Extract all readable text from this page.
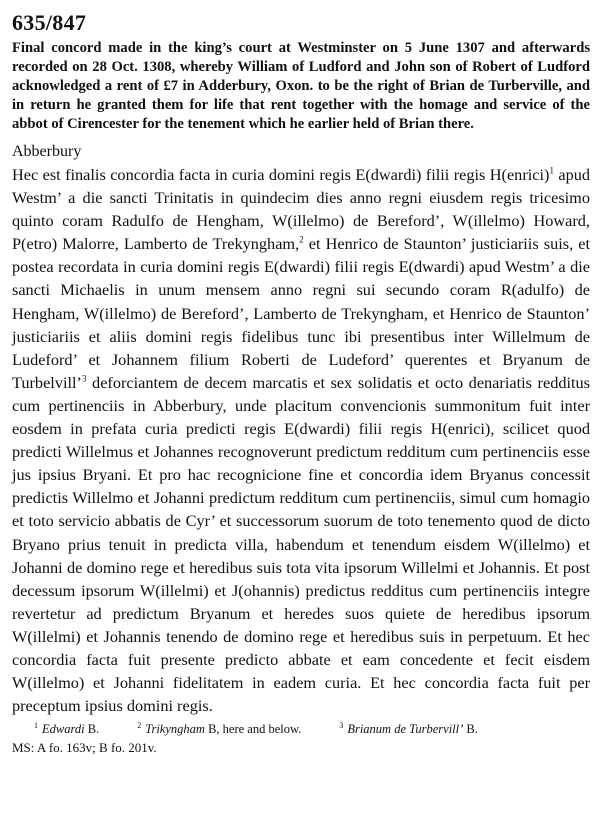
635/847

Final concord made in the king’s court at Westminster on 5 June 1307 and afterwards recorded on 28 Oct. 1308, whereby William of Ludford and John son of Robert of Ludford acknowledged a rent of £7 in Adderbury, Oxon. to be the right of Brian de Turberville, and in return he granted them for life that rent together with the homage and service of the abbot of Cirencester for the tenement which he earlier held of Brian there.

Abberbury

Hec est finalis concordia facta in curia domini regis E(dwardi) filii regis H(enrici)$^1$ apud Westm’ a die sancti Trinitatis in quindecim dies anno regni eiusdem regis tricesimo quinto coram Radulfo de Hengham, W(illelmo) de Bereford’, W(illelmo) Howard, P(etro) Malorre, Lamberto de Trekyngham,$^2$ et Henrico de Staunton’ justiciariis suis, et postea recordata in curia domini regis E(dwardi) filii regis E(dwardi) apud Westm’ a die sancti Michaelis in unum mensem anno regni sui secundo coram R(adulfo) de Hengham, W(illelmo) de Bereford’, Lamberto de Trekyngham, et Henrico de Staunton’ justiciariis et aliis domini regis fidelibus tunc ibi presentibus inter Willelmum de Ludeford’ et Johannem filium Roberti de Ludeford’ querentes et Bryanum de Turbelvill’$^3$ deforciantem de decem marcatis et sex solidatis et octo denariatis redditus cum pertinenciis in Abberbury, unde placitum convencionis summonitum fuit inter eosdem in prefata curia predicti regis E(dwardi) filii regis H(enrici), scilicet quod predicti Willelmus et Johannes recognoverunt predictum redditum cum pertinenciis esse jus ipsius Bryani. Et pro hac recognicione fine et concordia idem Bryanus concessit predictis Willelmo et Johanni predictum redditum cum pertinenciis, simul cum homagio et toto servicio abbatis de Cyr’ et successorum suorum de toto tenemento quod de dicto Bryano prius tenuit in predicta villa, habendum et tenendum eisdem W(illelmo) et Johanni de domino rege et heredibus suis tota vita ipsorum Willelmi et Johannis. Et post decessum ipsorum W(illelmi) et J(ohannis) predictus redditus cum pertinenciis integre revertetur ad predictum Bryanum et heredes suos quiete de heredibus ipsorum W(illelmi) et Johannis tenendo de domino rege et heredibus suis in perpetuum. Et hec concordia facta fuit presente predicto abbate et eam concedente et fecit eisdem W(illelmo) et Johanni fidelitatem in eadem curia. Et hec concordia facta fuit per preceptum ipsius domini regis.

$^1$ Edwardi B.	$^2$ Trikyngham B, here and below.	$^3$ Brianum de Turbervill’ B.
MS: A fo. 163v; B fo. 201v.
